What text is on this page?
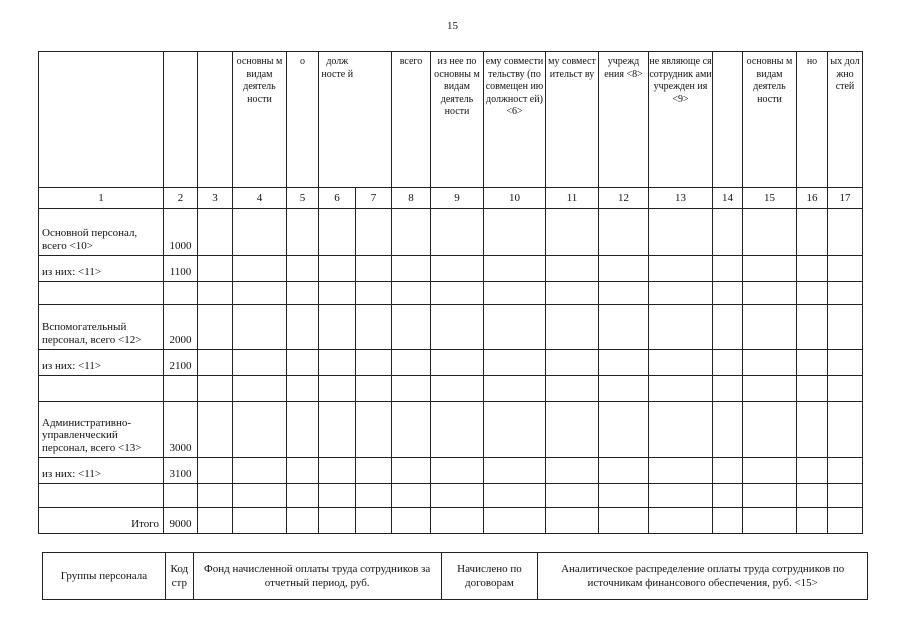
15
			основны м видам деятель ности	о	долж носте й		всего	из нее по основны м видам деятель ности	ему совмести тельству (по совмещен ию должност ей) <6>	му совмест ительст ву	учрежд ения <8>	не являюще ся сотрудник ами учрежден ия <9>		основны м видам деятель ности	но	ых дол жно стей
1	2	3	4	5	6	7	8	9	10	11	12	13	14	15	16	17
Основной персонал, всего <10>	1000															
из них: <11>	1100															

Вспомогательный персонал, всего <12>	2000															
из них: <11>	2100															

Административно-управленческий персонал, всего <13>	3000															
из них: <11>	3100															

Итого	9000															
Группы персонала	Код стр	Фонд начисленной оплаты труда сотрудников за отчетный период, руб.	Начислено по договорам	Аналитическое распределение оплаты труда сотрудников по источникам финансового обеспечения, руб. <15>
